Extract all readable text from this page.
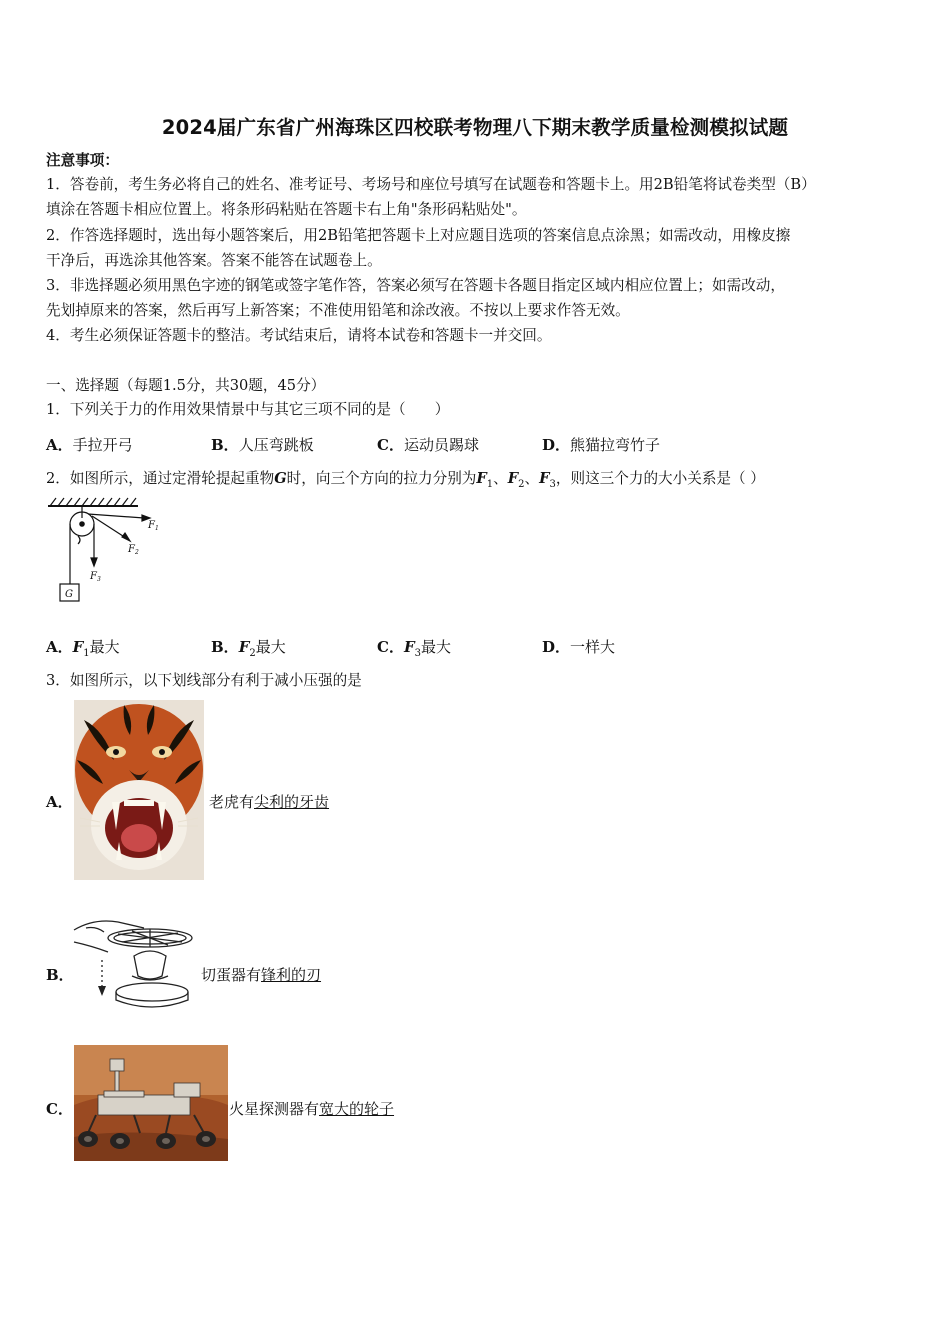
2024届广东省广州海珠区四校联考物理八下期末教学质量检测模拟试题
注意事项：
1．答卷前，考生务必将自己的姓名、准考证号、考场号和座位号填写在试题卷和答题卡上。用2B铅笔将试卷类型（B）
填涂在答题卡相应位置上。将条形码粘贴在答题卡右上角"条形码粘贴处"。
2．作答选择题时，选出每小题答案后，用2B铅笔把答题卡上对应题目选项的答案信息点涂黑；如需改动，用橡皮擦
干净后，再选涂其他答案。答案不能答在试题卷上。
3．非选择题必须用黑色字迹的钢笔或签字笔作答，答案必须写在答题卡各题目指定区域内相应位置上；如需改动，
先划掉原来的答案，然后再写上新答案；不准使用铅笔和涂改液。不按以上要求作答无效。
4．考生必须保证答题卡的整洁。考试结束后，请将本试卷和答题卡一并交回。
一、选择题（每题1.5分，共30题，45分）
1．下列关于力的作用效果情景中与其它三项不同的是（　　）
A．手拉开弓	B．人压弯跳板	C．运动员踢球	D．熊猫拉弯竹子
2．如图所示，通过定滑轮提起重物G时，向三个方向的拉力分别为$F_1$、$F_2$、$F_3$，则这三个力的大小关系是（ ）
$F_1$
$F_2$
$F_3$
G
A．$F_1$最大	B．$F_2$最大	C．$F_3$最大	D．一样大
3．如图所示，以下划线部分有利于减小压强的是
A．	老虎有尖利的牙齿
B．	切蛋器有锋利的刃
C．	火星探测器有宽大的轮子
